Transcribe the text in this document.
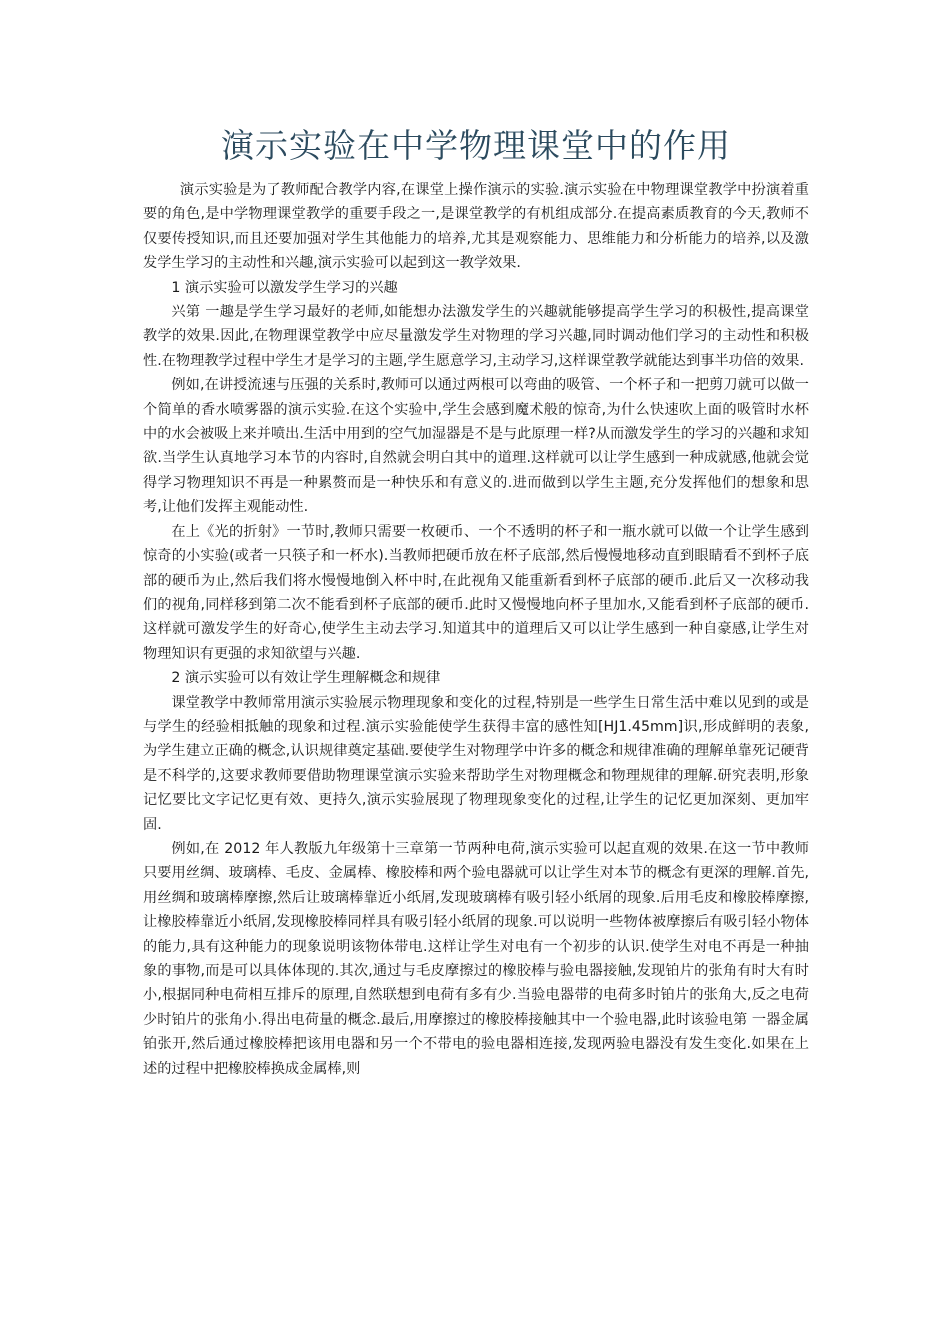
演示实验在中学物理课堂中的作用

演示实验是为了教师配合教学内容,在课堂上操作演示的实验.演示实验在中物理课堂教学中扮演着重要的角色,是中学物理课堂教学的重要手段之一,是课堂教学的有机组成部分.在提高素质教育的今天,教师不仅要传授知识,而且还要加强对学生其他能力的培养,尤其是观察能力、思维能力和分析能力的培养,以及激发学生学习的主动性和兴趣,演示实验可以起到这一教学效果.

1 演示实验可以激发学生学习的兴趣

兴第 一趣是学生学习最好的老师,如能想办法激发学生的兴趣就能够提高学生学习的积极性,提高课堂教学的效果.因此,在物理课堂教学中应尽量激发学生对物理的学习兴趣,同时调动他们学习的主动性和积极性.在物理教学过程中学生才是学习的主题,学生愿意学习,主动学习,这样课堂教学就能达到事半功倍的效果.

例如,在讲授流速与压强的关系时,教师可以通过两根可以弯曲的吸管、一个杯子和一把剪刀就可以做一个简单的香水喷雾器的演示实验.在这个实验中,学生会感到魔术般的惊奇,为什么快速吹上面的吸管时水杯中的水会被吸上来并喷出.生活中用到的空气加湿器是不是与此原理一样?从而激发学生的学习的兴趣和求知欲.当学生认真地学习本节的内容时,自然就会明白其中的道理.这样就可以让学生感到一种成就感,他就会觉得学习物理知识不再是一种累赘而是一种快乐和有意义的.进而做到以学生主题,充分发挥他们的想象和思考,让他们发挥主观能动性.

在上《光的折射》一节时,教师只需要一枚硬币、一个不透明的杯子和一瓶水就可以做一个让学生感到惊奇的小实验(或者一只筷子和一杯水).当教师把硬币放在杯子底部,然后慢慢地移动直到眼睛看不到杯子底部的硬币为止,然后我们将水慢慢地倒入杯中时,在此视角又能重新看到杯子底部的硬币.此后又一次移动我们的视角,同样移到第二次不能看到杯子底部的硬币.此时又慢慢地向杯子里加水,又能看到杯子底部的硬币.这样就可激发学生的好奇心,使学生主动去学习.知道其中的道理后又可以让学生感到一种自豪感,让学生对物理知识有更强的求知欲望与兴趣.

2 演示实验可以有效让学生理解概念和规律

课堂教学中教师常用演示实验展示物理现象和变化的过程,特别是一些学生日常生活中难以见到的或是与学生的经验相抵触的现象和过程.演示实验能使学生获得丰富的感性知[HJ1.45mm]识,形成鲜明的表象,为学生建立正确的概念,认识规律奠定基础.要使学生对物理学中许多的概念和规律准确的理解单靠死记硬背是不科学的,这要求教师要借助物理课堂演示实验来帮助学生对物理概念和物理规律的理解.研究表明,形象记忆要比文字记忆更有效、更持久,演示实验展现了物理现象变化的过程,让学生的记忆更加深刻、更加牢固.

例如,在 2012 年人教版九年级第十三章第一节两种电荷,演示实验可以起直观的效果.在这一节中教师只要用丝绸、玻璃棒、毛皮、金属棒、橡胶棒和两个验电器就可以让学生对本节的概念有更深的理解.首先,用丝绸和玻璃棒摩擦,然后让玻璃棒靠近小纸屑,发现玻璃棒有吸引轻小纸屑的现象.后用毛皮和橡胶棒摩擦,让橡胶棒靠近小纸屑,发现橡胶棒同样具有吸引轻小纸屑的现象.可以说明一些物体被摩擦后有吸引轻小物体的能力,具有这种能力的现象说明该物体带电.这样让学生对电有一个初步的认识.使学生对电不再是一种抽象的事物,而是可以具体体现的.其次,通过与毛皮摩擦过的橡胶棒与验电器接触,发现铂片的张角有时大有时小,根据同种电荷相互排斥的原理,自然联想到电荷有多有少.当验电器带的电荷多时铂片的张角大,反之电荷少时铂片的张角小.得出电荷量的概念.最后,用摩擦过的橡胶棒接触其中一个验电器,此时该验电第 一器金属铂张开,然后通过橡胶棒把该用电器和另一个不带电的验电器相连接,发现两验电器没有发生变化.如果在上述的过程中把橡胶棒换成金属棒,则
